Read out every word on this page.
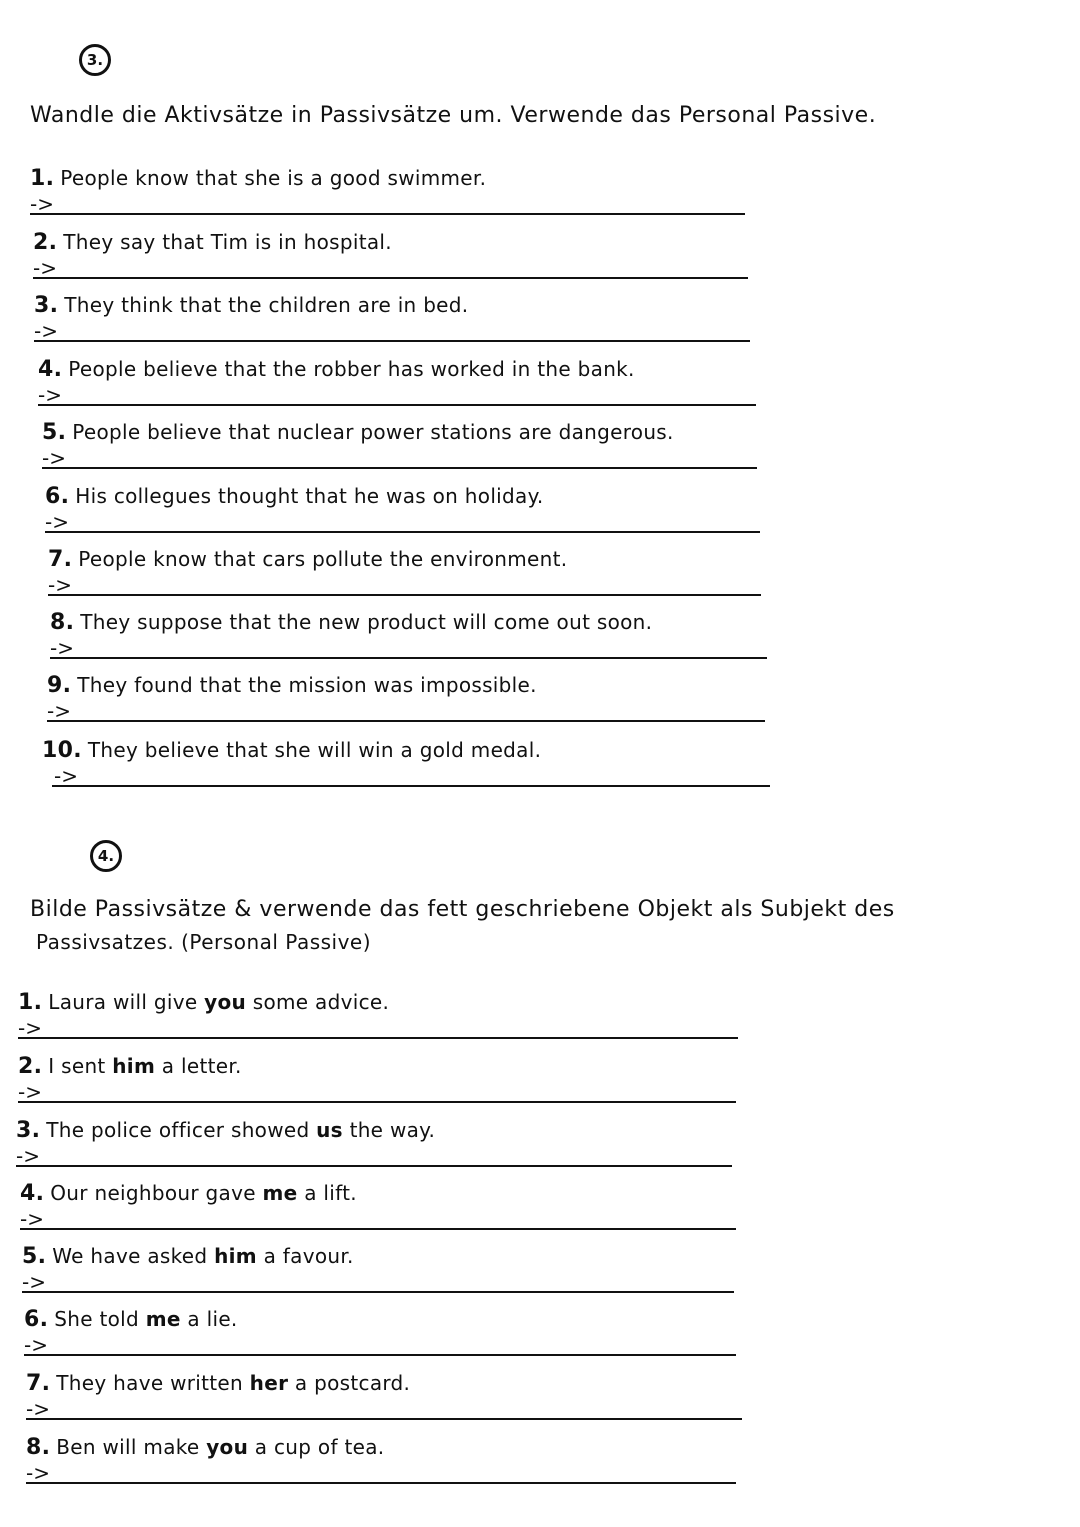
3.
Wandle die Aktivsätze in Passivsätze um. Verwende das Personal Passive.
1. People know that she is a good swimmer.
->
2. They say that Tim is in hospital.
->
3. They think that the children are in bed.
->
4. People believe that the robber has worked in the bank.
->
5. People believe that nuclear power stations are dangerous.
->
6. His collegues thought that he was on holiday.
->
7. People know that cars pollute the environment.
->
8. They suppose that the new product will come out soon.
->
9. They found that the mission was impossible.
->
10. They believe that she will win a gold medal.
->
4.
Bilde Passivsätze & verwende das fett geschriebene Objekt als Subjekt des
Passivsatzes. (Personal Passive)
1. Laura will give you some advice.
->
2. I sent him a letter.
->
3. The police officer showed us the way.
->
4. Our neighbour gave me a lift.
->
5. We have asked him a favour.
->
6. She told me a lie.
->
7. They have written her a postcard.
->
8. Ben will make you a cup of tea.
->
